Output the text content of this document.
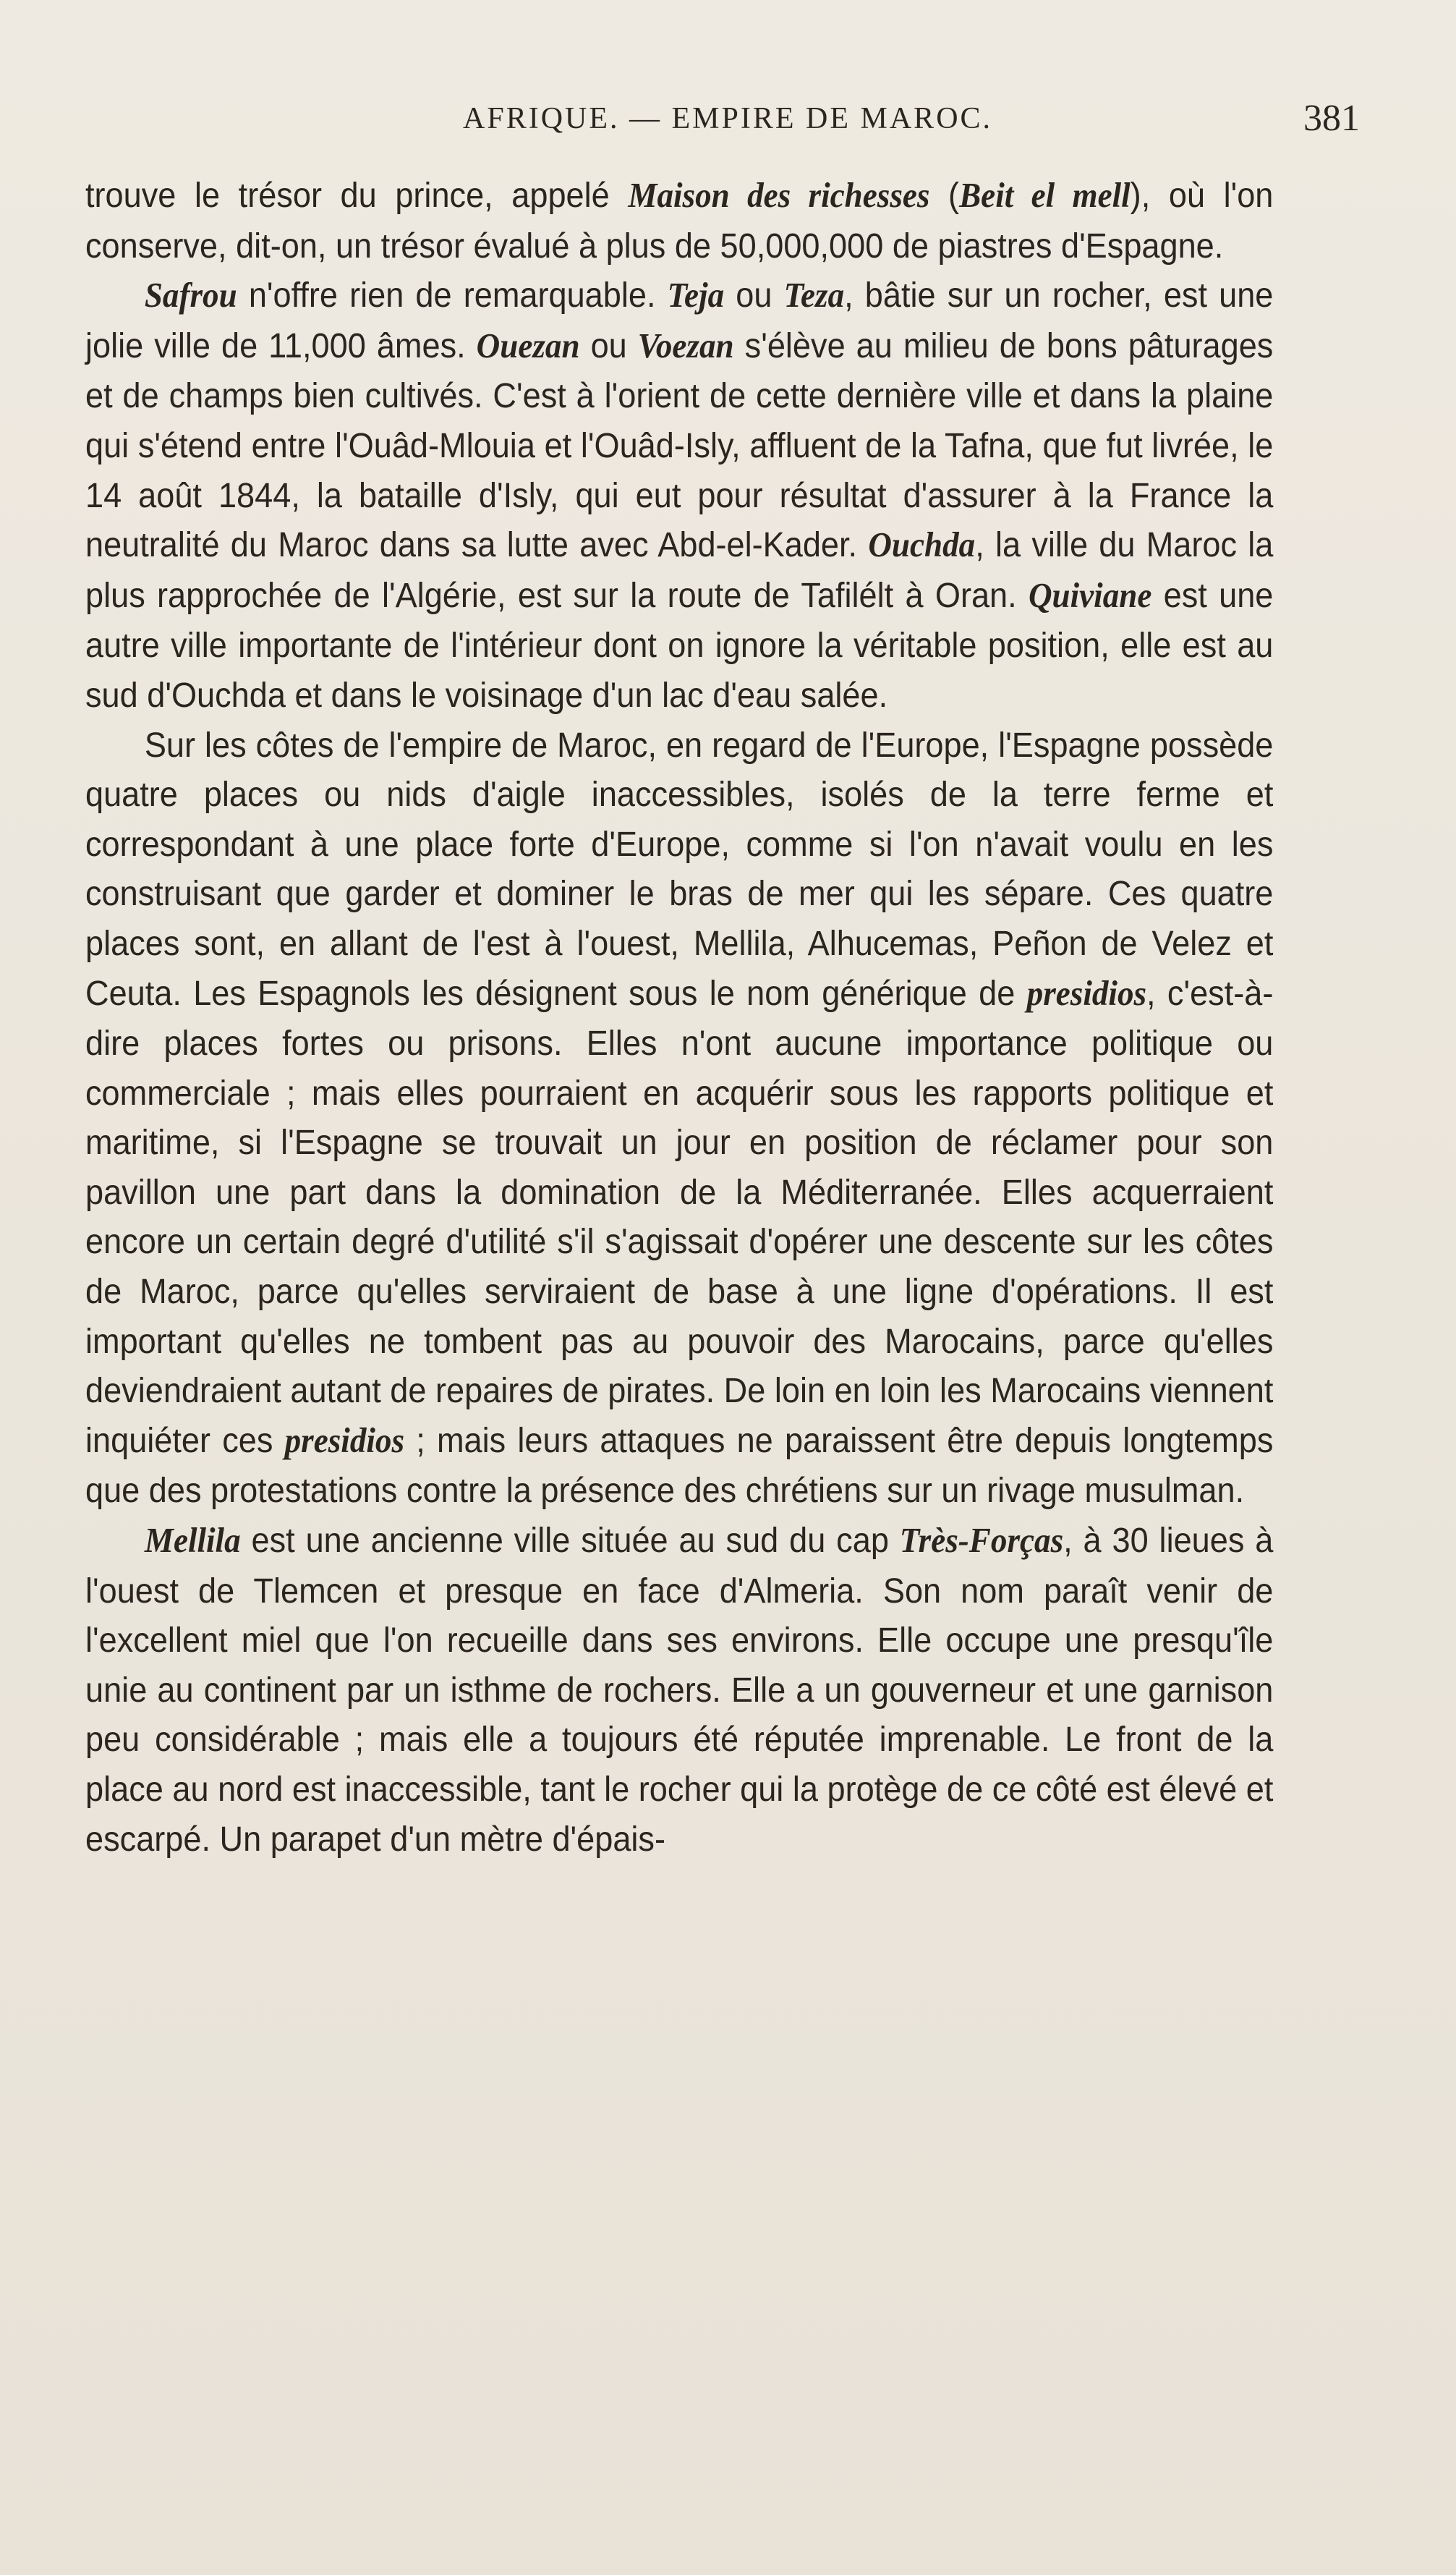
AFRIQUE. — EMPIRE DE MAROC.	381

trouve le trésor du prince, appelé Maison des richesses (Beit el mell), où l'on conserve, dit-on, un trésor évalué à plus de 50,000,000 de piastres d'Espagne.

Safrou n'offre rien de remarquable. Teja ou Teza, bâtie sur un rocher, est une jolie ville de 11,000 âmes. Ouezan ou Voezan s'élève au milieu de bons pâturages et de champs bien cultivés. C'est à l'orient de cette dernière ville et dans la plaine qui s'étend entre l'Ouâd-Mlouia et l'Ouâd-Isly, affluent de la Tafna, que fut livrée, le 14 août 1844, la bataille d'Isly, qui eut pour résultat d'assurer à la France la neutralité du Maroc dans sa lutte avec Abd-el-Kader. Ouchda, la ville du Maroc la plus rapprochée de l'Algérie, est sur la route de Tafilélt à Oran. Quiviane est une autre ville importante de l'intérieur dont on ignore la véritable position, elle est au sud d'Ouchda et dans le voisinage d'un lac d'eau salée.

Sur les côtes de l'empire de Maroc, en regard de l'Europe, l'Espagne possède quatre places ou nids d'aigle inaccessibles, isolés de la terre ferme et correspondant à une place forte d'Europe, comme si l'on n'avait voulu en les construisant que garder et dominer le bras de mer qui les sépare. Ces quatre places sont, en allant de l'est à l'ouest, Mellila, Alhucemas, Peñon de Velez et Ceuta. Les Espagnols les désignent sous le nom générique de presidios, c'est-à-dire places fortes ou prisons. Elles n'ont aucune importance politique ou commerciale ; mais elles pourraient en acquérir sous les rapports politique et maritime, si l'Espagne se trouvait un jour en position de réclamer pour son pavillon une part dans la domination de la Méditerranée. Elles acquerraient encore un certain degré d'utilité s'il s'agissait d'opérer une descente sur les côtes de Maroc, parce qu'elles serviraient de base à une ligne d'opérations. Il est important qu'elles ne tombent pas au pouvoir des Marocains, parce qu'elles deviendraient autant de repaires de pirates. De loin en loin les Marocains viennent inquiéter ces presidios ; mais leurs attaques ne paraissent être depuis longtemps que des protestations contre la présence des chrétiens sur un rivage musulman.

Mellila est une ancienne ville située au sud du cap Très-Forças, à 30 lieues à l'ouest de Tlemcen et presque en face d'Almeria. Son nom paraît venir de l'excellent miel que l'on recueille dans ses environs. Elle occupe une presqu'île unie au continent par un isthme de rochers. Elle a un gouverneur et une garnison peu considérable ; mais elle a toujours été réputée imprenable. Le front de la place au nord est inaccessible, tant le rocher qui la protège de ce côté est élevé et escarpé. Un parapet d'un mètre d'épais-
